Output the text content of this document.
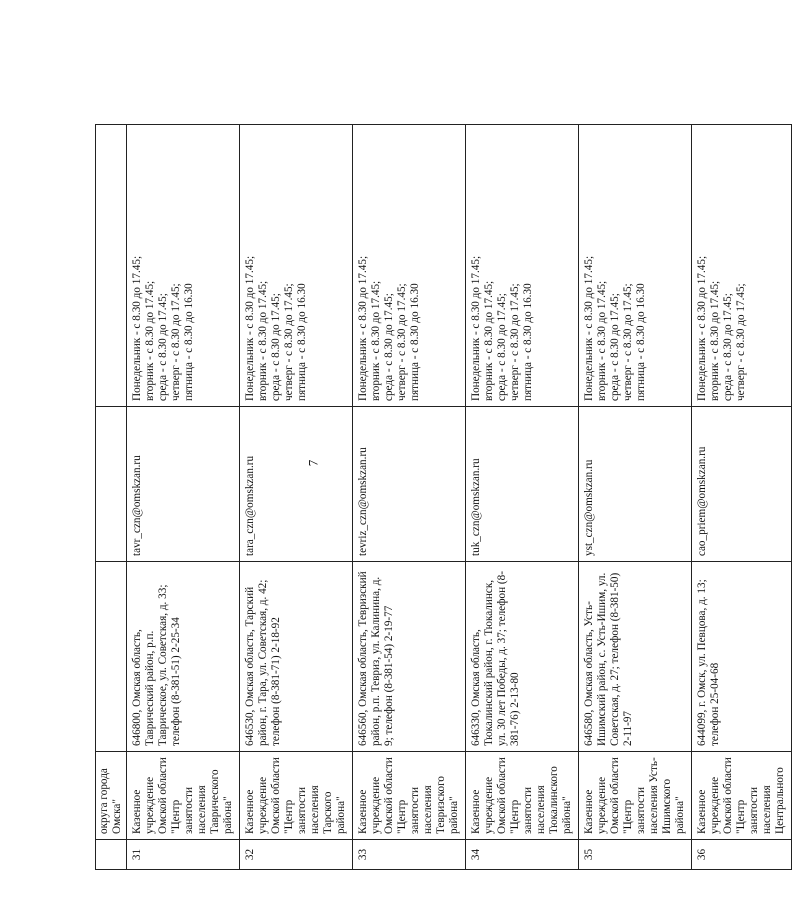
7
	округа города Омска"			
31	Казенное учреждение Омской области "Центр занятости населения Таврического района"	646800, Омская область, Таврический район, р.п. Таврическое, ул. Советская, д. 33; телефон (8-381-51) 2-25-34	tavr_czn@omskzan.ru	Понедельник - с 8.30 до 17.45; вторник - с 8.30 до 17.45; среда - с 8.30 до 17.45; четверг - с 8.30 до 17.45; пятница - с 8.30 до 16.30

32	Казенное учреждение Омской области "Центр занятости населения Тарского района"	646530, Омская область, Тарский район, г. Тара, ул. Советская, д. 42; телефон (8-381-71) 2-18-92	tara_czn@omskzan.ru	Понедельник - с 8.30 до 17.45; вторник - с 8.30 до 17.45; среда - с 8.30 до 17.45; четверг - с 8.30 до 17.45; пятница - с 8.30 до 16.30

33	Казенное учреждение Омской области "Центр занятости населения Тевризского района"	646560, Омская область, Тевризский район, р.п. Тевриз, ул. Калинина, д. 9; телефон (8-381-54) 2-19-77	tevriz_czn@omskzan.ru	Понедельник - с 8.30 до 17.45; вторник - с 8.30 до 17.45; среда - с 8.30 до 17.45; четверг - с 8.30 до 17.45; пятница - с 8.30 до 16.30

34	Казенное учреждение Омской области "Центр занятости населения Тюкалинского района"	646330, Омская область, Тюкалинский район, г. Тюкалинск, ул. 30 лет Победы, д. 37; телефон (8-381-76) 2-13-80	tuk_czn@omskzan.ru	Понедельник - с 8.30 до 17.45; вторник - с 8.30 до 17.45; среда - с 8.30 до 17.45; четверг - с 8.30 до 17.45; пятница - с 8.30 до 16.30

35	Казенное учреждение Омской области "Центр занятости населения Усть-Ишимского района"	646580, Омская область, Усть-Ишимский район, с. Усть-Ишим, ул. Советская, д. 27; телефон (8-381-50) 2-11-97	yst_czn@omskzan.ru	Понедельник - с 8.30 до 17.45; вторник - с 8.30 до 17.45; среда - с 8.30 до 17.45; четверг - с 8.30 до 17.45; пятница - с 8.30 до 16.30

36	Казенное учреждение Омской области "Центр занятости населения Центрального	644099, г. Омск, ул. Певцова, д. 13; телефон 25-04-68	cao_priem@omskzan.ru	Понедельник - с 8.30 до 17.45; вторник - с 8.30 до 17.45; среда - с 8.30 до 17.45; четверг - с 8.30 до 17.45;
